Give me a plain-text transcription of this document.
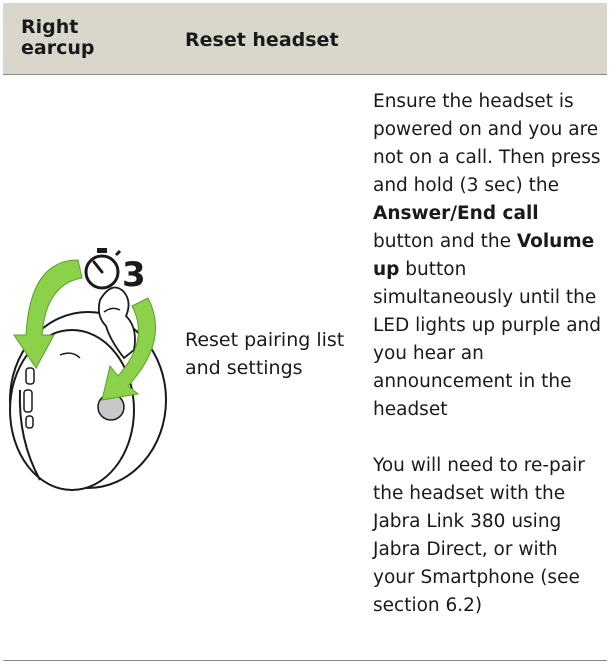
Right earcup	Reset headset
3
Reset pairing list and settings

Ensure the headset is powered on and you are not on a call. Then press and hold (3 sec) the Answer/End call button and the Volume up button simultaneously until the LED lights up purple and you hear an announcement in the headset

You will need to re-pair the headset with the Jabra Link 380 using Jabra Direct, or with your Smartphone (see section 6.2)
